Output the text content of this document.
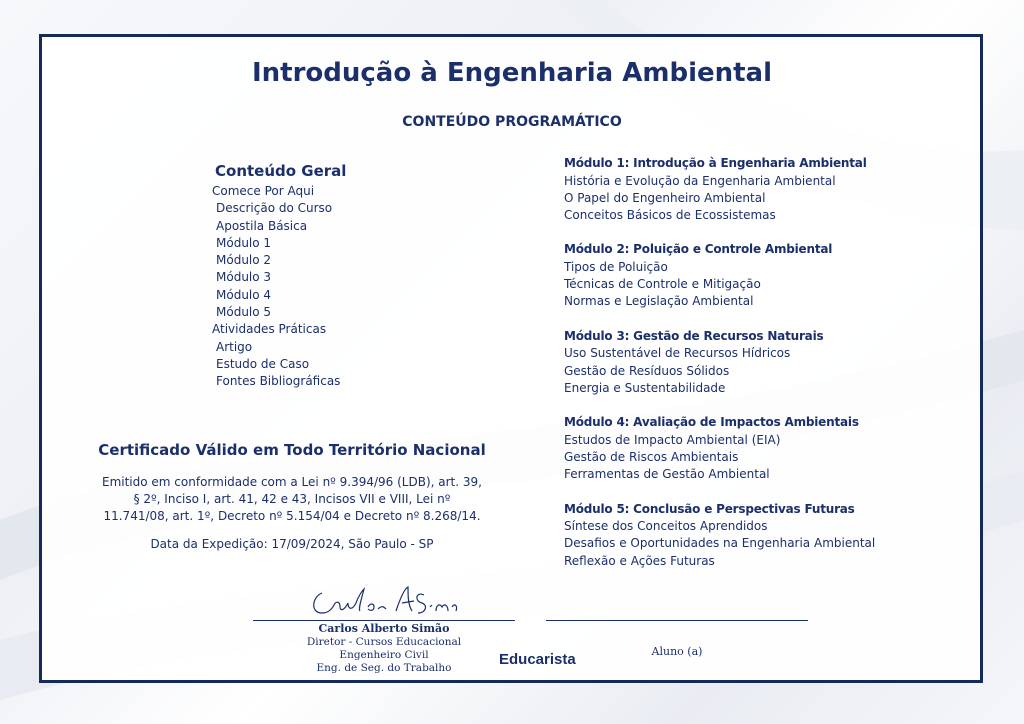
Introdução à Engenharia Ambiental
CONTEÚDO PROGRAMÁTICO
Conteúdo Geral
Comece Por Aqui
Descrição do Curso
Apostila Básica
Módulo 1
Módulo 2
Módulo 3
Módulo 4
Módulo 5
Atividades Práticas
Artigo
Estudo de Caso
Fontes Bibliográficas
Módulo 1: Introdução à Engenharia Ambiental
História e Evolução da Engenharia Ambiental
O Papel do Engenheiro Ambiental
Conceitos Básicos de Ecossistemas
Módulo 2: Poluição e Controle Ambiental
Tipos de Poluição
Técnicas de Controle e Mitigação
Normas e Legislação Ambiental
Módulo 3: Gestão de Recursos Naturais
Uso Sustentável de Recursos Hídricos
Gestão de Resíduos Sólidos
Energia e Sustentabilidade
Módulo 4: Avaliação de Impactos Ambientais
Estudos de Impacto Ambiental (EIA)
Gestão de Riscos Ambientais
Ferramentas de Gestão Ambiental
Módulo 5: Conclusão e Perspectivas Futuras
Síntese dos Conceitos Aprendidos
Desafios e Oportunidades na Engenharia Ambiental
Reflexão e Ações Futuras
Certificado Válido em Todo Território Nacional

Emitido em conformidade com a Lei nº 9.394/96 (LDB), art. 39, § 2º, Inciso I, art. 41, 42 e 43, Incisos VII e VIII, Lei nº 11.741/08, art. 1º, Decreto nº 5.154/04 e Decreto nº 8.268/14.

Data da Expedição: 17/09/2024, São Paulo - SP
Carlos Alberto Simão
Diretor - Cursos Educacional
Engenheiro Civil
Eng. de Seg. do Trabalho	Educarista	Aluno (a)
